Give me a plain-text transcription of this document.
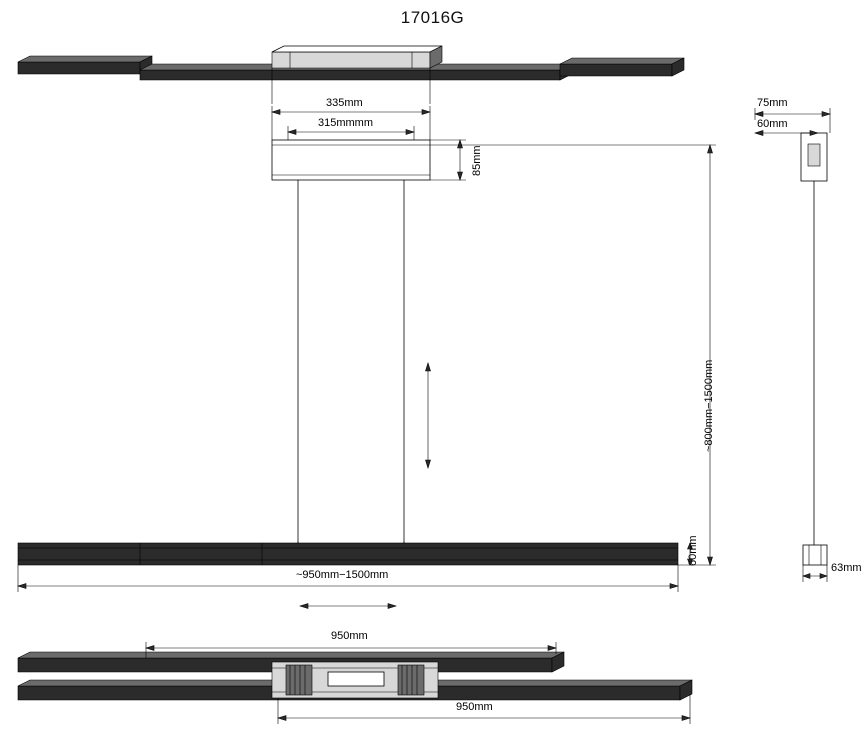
17016G
335mm
315mmmm
85mm
~800mm−1500mm
60mm
~950mm−1500mm
75mm
60mm
63mm
950mm
950mm
